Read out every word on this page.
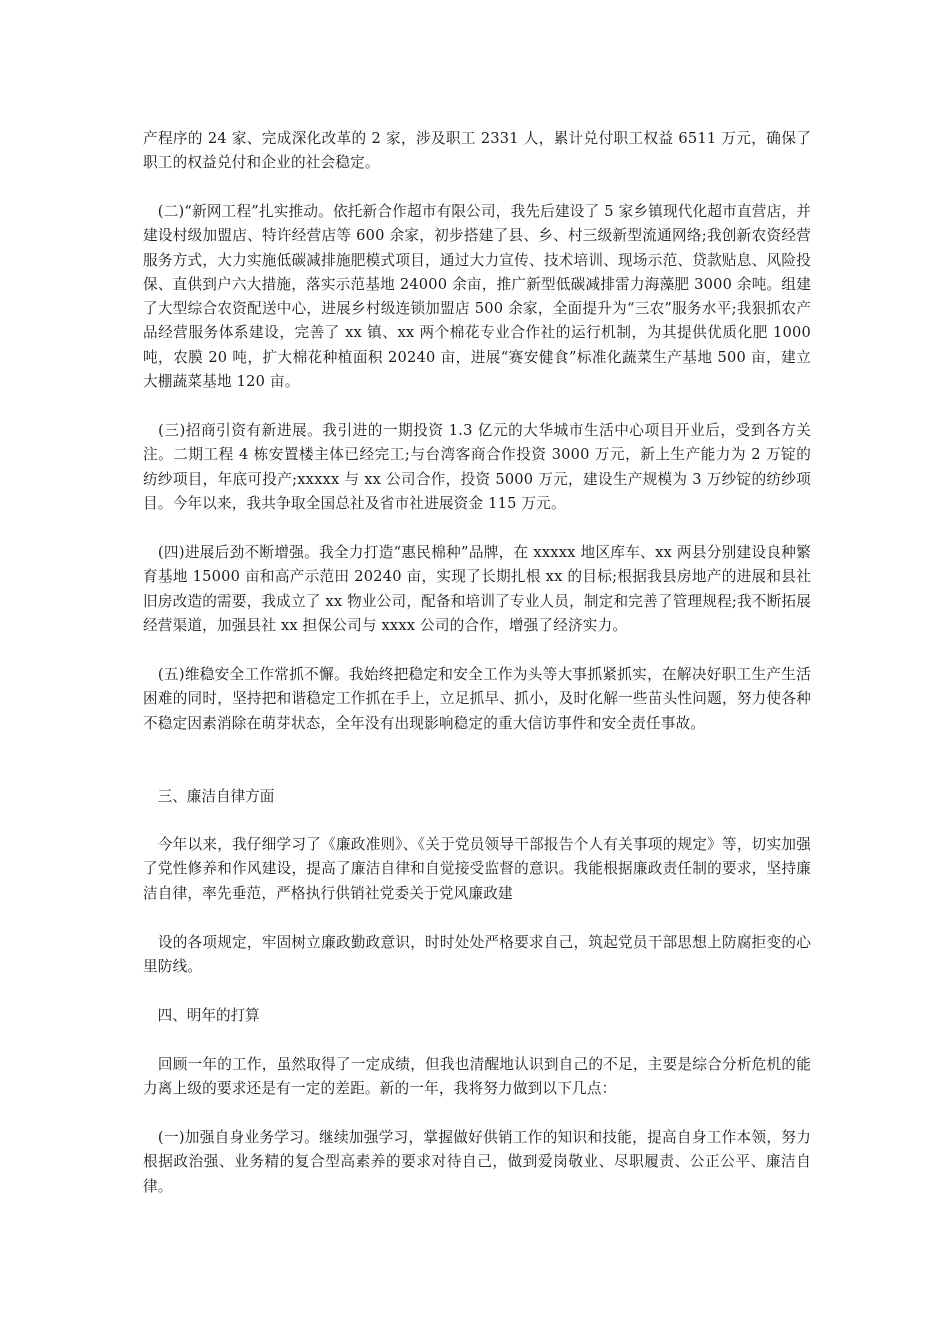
产程序的 24 家、完成深化改革的 2 家，涉及职工 2331 人，累计兑付职工权益 6511 万元，确保了职工的权益兑付和企业的社会稳定。

　(二)“新网工程”扎实推动。依托新合作超市有限公司，我先后建设了 5 家乡镇现代化超市直营店，并建设村级加盟店、特许经营店等 600 余家，初步搭建了县、乡、村三级新型流通网络;我创新农资经营服务方式，大力实施低碳减排施肥模式项目，通过大力宣传、技术培训、现场示范、贷款贴息、风险投保、直供到户六大措施，落实示范基地 24000 余亩，推广新型低碳减排雷力海藻肥 3000 余吨。组建了大型综合农资配送中心，进展乡村级连锁加盟店 500 余家，全面提升为“三农”服务水平;我狠抓农产品经营服务体系建设，完善了 xx 镇、xx 两个棉花专业合作社的运行机制，为其提供优质化肥 1000 吨，农膜 20 吨，扩大棉花种植面积 20240 亩，进展“赛安健食”标准化蔬菜生产基地 500 亩，建立大棚蔬菜基地 120 亩。

　(三)招商引资有新进展。我引进的一期投资 1.3 亿元的大华城市生活中心项目开业后，受到各方关注。二期工程 4 栋安置楼主体已经完工;与台湾客商合作投资 3000 万元，新上生产能力为 2 万锭的纺纱项目，年底可投产;xxxxx 与 xx 公司合作，投资 5000 万元，建设生产规模为 3 万纱锭的纺纱项目。今年以来，我共争取全国总社及省市社进展资金 115 万元。

　(四)进展后劲不断增强。我全力打造“惠民棉种”品牌，在 xxxxx 地区库车、xx 两县分别建设良种繁育基地 15000 亩和高产示范田 20240 亩，实现了长期扎根 xx 的目标;根据我县房地产的进展和县社旧房改造的需要，我成立了 xx 物业公司，配备和培训了专业人员，制定和完善了管理规程;我不断拓展经营渠道，加强县社 xx 担保公司与 xxxx 公司的合作，增强了经济实力。

　(五)维稳安全工作常抓不懈。我始终把稳定和安全工作为头等大事抓紧抓实，在解决好职工生产生活困难的同时，坚持把和谐稳定工作抓在手上，立足抓早、抓小，及时化解一些苗头性问题，努力使各种不稳定因素消除在萌芽状态，全年没有出现影响稳定的重大信访事件和安全责任事故。

　三、廉洁自律方面

　今年以来，我仔细学习了《廉政准则》、《关于党员领导干部报告个人有关事项的规定》等，切实加强了党性修养和作风建设，提高了廉洁自律和自觉接受监督的意识。我能根据廉政责任制的要求，坚持廉洁自律，率先垂范，严格执行供销社党委关于党风廉政建

　设的各项规定，牢固树立廉政勤政意识，时时处处严格要求自己，筑起党员干部思想上防腐拒变的心里防线。

　四、明年的打算

　回顾一年的工作，虽然取得了一定成绩，但我也清醒地认识到自己的不足，主要是综合分析危机的能力离上级的要求还是有一定的差距。新的一年，我将努力做到以下几点：

　(一)加强自身业务学习。继续加强学习，掌握做好供销工作的知识和技能，提高自身工作本领，努力根据政治强、业务精的复合型高素养的要求对待自己，做到爱岗敬业、尽职履责、公正公平、廉洁自律。
